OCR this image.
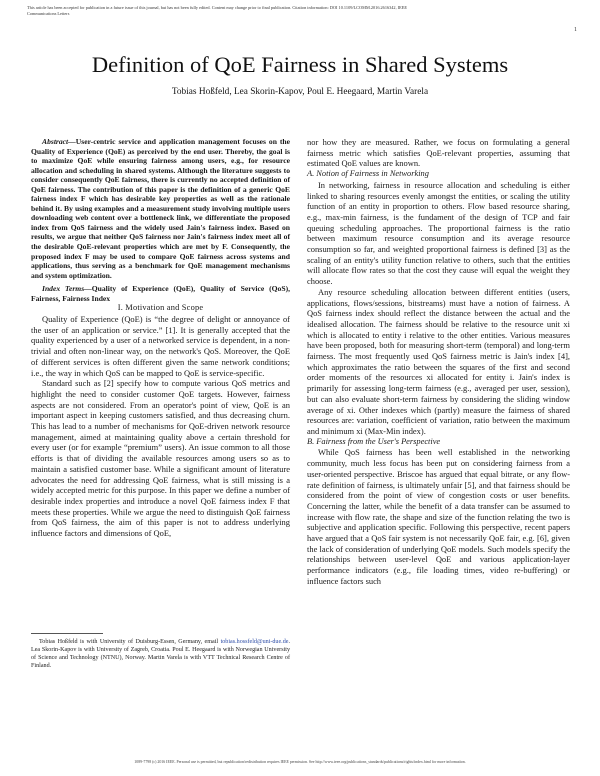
This article has been accepted for publication in a future issue of this journal, but has not been fully edited. Content may change prior to final publication. Citation information: DOI 10.1109/LCOMM.2016.2616342, IEEE
Communications Letters
1
Definition of QoE Fairness in Shared Systems
Tobias Hoßfeld, Lea Skorin-Kapov, Poul E. Heegaard, Martin Varela
Abstract—User-centric service and application management focuses on the Quality of Experience (QoE) as perceived by the end user. Thereby, the goal is to maximize QoE while ensuring fairness among users, e.g., for resource allocation and scheduling in shared systems. Although the literature suggests to consider consequently QoE fairness, there is currently no accepted definition of QoE fairness. The contribution of this paper is the definition of a generic QoE fairness index F which has desirable key properties as well as the rationale behind it. By using examples and a measurement study involving multiple users downloading web content over a bottleneck link, we differentiate the proposed index from QoS fairness and the widely used Jain's fairness index. Based on results, we argue that neither QoS fairness nor Jain's fairness index meet all of the desirable QoE-relevant properties which are met by F. Consequently, the proposed index F may be used to compare QoE fairness across systems and applications, thus serving as a benchmark for QoE management mechanisms and system optimization.
Index Terms—Quality of Experience (QoE), Quality of Service (QoS), Fairness, Fairness Index

I. Motivation and Scope

Quality of Experience (QoE) is “the degree of delight or annoyance of the user of an application or service.” [1]. It is generally accepted that the quality experienced by a user of a networked service is dependent, in a non-trivial and often non-linear way, on the network's QoS. Moreover, the QoE of different services is often different given the same network conditions; i.e., the way in which QoS can be mapped to QoE is service-specific.

Standard such as [2] specify how to compute various QoS metrics and highlight the need to consider customer QoE targets. However, fairness aspects are not considered. From an operator's point of view, QoE is an important aspect in keeping customers satisfied, and thus decreasing churn. This has lead to a number of mechanisms for QoE-driven network resource management, aimed at maintaining quality above a certain threshold for every user (or for example “premium” users). An issue common to all those efforts is that of dividing the available resources among users so as to maintain a satisfied customer base. While a significant amount of literature advocates the need for addressing QoE fairness, what is still missing is a widely accepted metric for this purpose. In this paper we define a number of desirable index properties and introduce a novel QoE fairness index F that meets these properties. While we argue the need to distinguish QoE fairness from QoS fairness, the aim of this paper is not to address underlying influence factors and dimensions of QoE,

nor how they are measured. Rather, we focus on formulating a general fairness metric which satisfies QoE-relevant properties, assuming that estimated QoE values are known.

A. Notion of Fairness in Networking

In networking, fairness in resource allocation and scheduling is either linked to sharing resources evenly amongst the entities, or scaling the utility function of an entity in proportion to others. Flow based resource sharing, e.g., max-min fairness, is the fundament of the design of TCP and fair queuing scheduling approaches. The proportional fairness is the ratio between maximum resource consumption and its average resource consumption so far, and weighted proportional fairness is defined [3] as the scaling of an entity's utility function relative to others, such that the entities will allocate flow rates so that the cost they cause will equal the weight they choose.

Any resource scheduling allocation between different entities (users, applications, flows/sessions, bitstreams) must have a notion of fairness. A QoS fairness index should reflect the distance between the actual and the idealised allocation. The fairness should be relative to the resource unit xi which is allocated to entity i relative to the other entities. Various measures have been proposed, both for measuring short-term (temporal) and long-term fairness. The most frequently used QoS fairness metric is Jain's index [4], which approximates the ratio between the squares of the first and second order moments of the resources xi allocated for entity i. Jain's index is primarily for assessing long-term fairness (e.g., averaged per user, session), but can also evaluate short-term fairness by considering the sliding window average of xi. Other indexes which (partly) measure the fairness of shared resources are: variation, coefficient of variation, ratio between the maximum and minimum xi (Max-Min index).

B. Fairness from the User's Perspective

While QoS fairness has been well established in the networking community, much less focus has been put on considering fairness from a user-oriented perspective. Briscoe has argued that equal bitrate, or any flow-rate definition of fairness, is ultimately unfair [5], and that fairness should be considered from the point of view of congestion costs or user benefits. Concerning the latter, while the benefit of a data transfer can be assumed to increase with flow rate, the shape and size of the function relating the two is subjective and application specific. Following this perspective, recent papers have argued that a QoS fair system is not necessarily QoE fair, e.g. [6], given the lack of consideration of underlying QoE models. Such models specify the relationships between user-level QoE and various application-layer performance indicators (e.g., file loading times, video re-buffering) or influence factors such

Tobias Hoßfeld is with University of Duisburg-Essen, Germany, email tobias.hossfeld@uni-due.de. Lea Skorin-Kapov is with University of Zagreb, Croatia. Poul E. Heegaard is with Norwegian University of Science and Technology (NTNU), Norway. Martin Varela is with VTT Technical Research Centre of Finland.
1089-7798 (c) 2016 IEEE. Personal use is permitted, but republication/redistribution requires IEEE permission. See http://www.ieee.org/publications_standards/publications/rights/index.html for more information.
